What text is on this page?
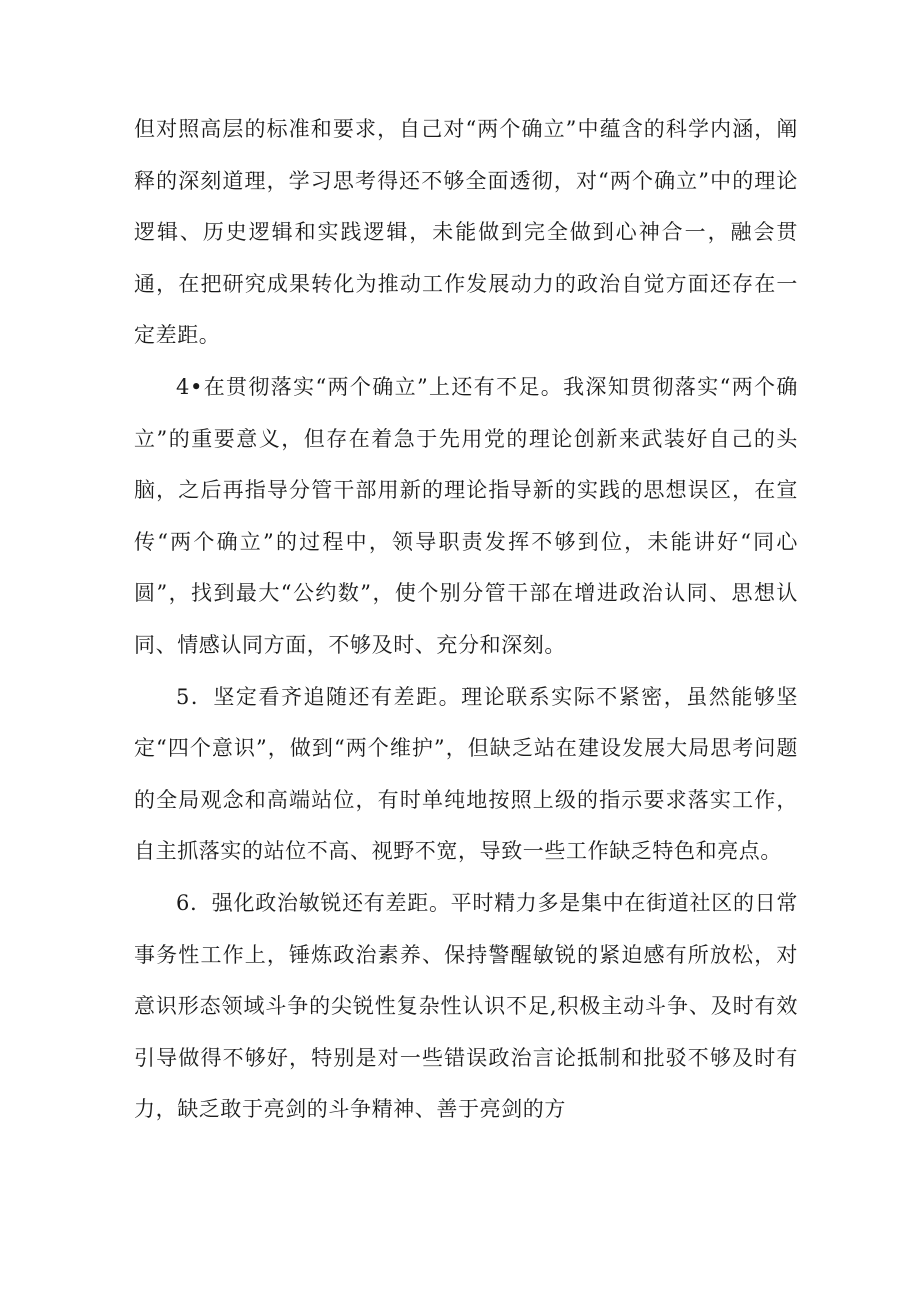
但对照高层的标准和要求，自己对“两个确立”中蕴含的科学内涵，阐释的深刻道理，学习思考得还不够全面透彻，对“两个确立”中的理论逻辑、历史逻辑和实践逻辑，未能做到完全做到心神合一，融会贯通，在把研究成果转化为推动工作发展动力的政治自觉方面还存在一定差距。

4•在贯彻落实“两个确立”上还有不足。我深知贯彻落实“两个确立”的重要意义，但存在着急于先用党的理论创新来武装好自己的头脑，之后再指导分管干部用新的理论指导新的实践的思想误区，在宣传“两个确立”的过程中，领导职责发挥不够到位，未能讲好“同心圆”，找到最大“公约数”，使个别分管干部在增进政治认同、思想认同、情感认同方面，不够及时、充分和深刻。

5．坚定看齐追随还有差距。理论联系实际不紧密，虽然能够坚定“四个意识”，做到“两个维护”，但缺乏站在建设发展大局思考问题的全局观念和高端站位，有时单纯地按照上级的指示要求落实工作，自主抓落实的站位不高、视野不宽，导致一些工作缺乏特色和亮点。

6．强化政治敏锐还有差距。平时精力多是集中在街道社区的日常事务性工作上，锤炼政治素养、保持警醒敏锐的紧迫感有所放松，对意识形态领域斗争的尖锐性复杂性认识不足,积极主动斗争、及时有效引导做得不够好，特别是对一些错误政治言论抵制和批驳不够及时有力，缺乏敢于亮剑的斗争精神、善于亮剑的方
